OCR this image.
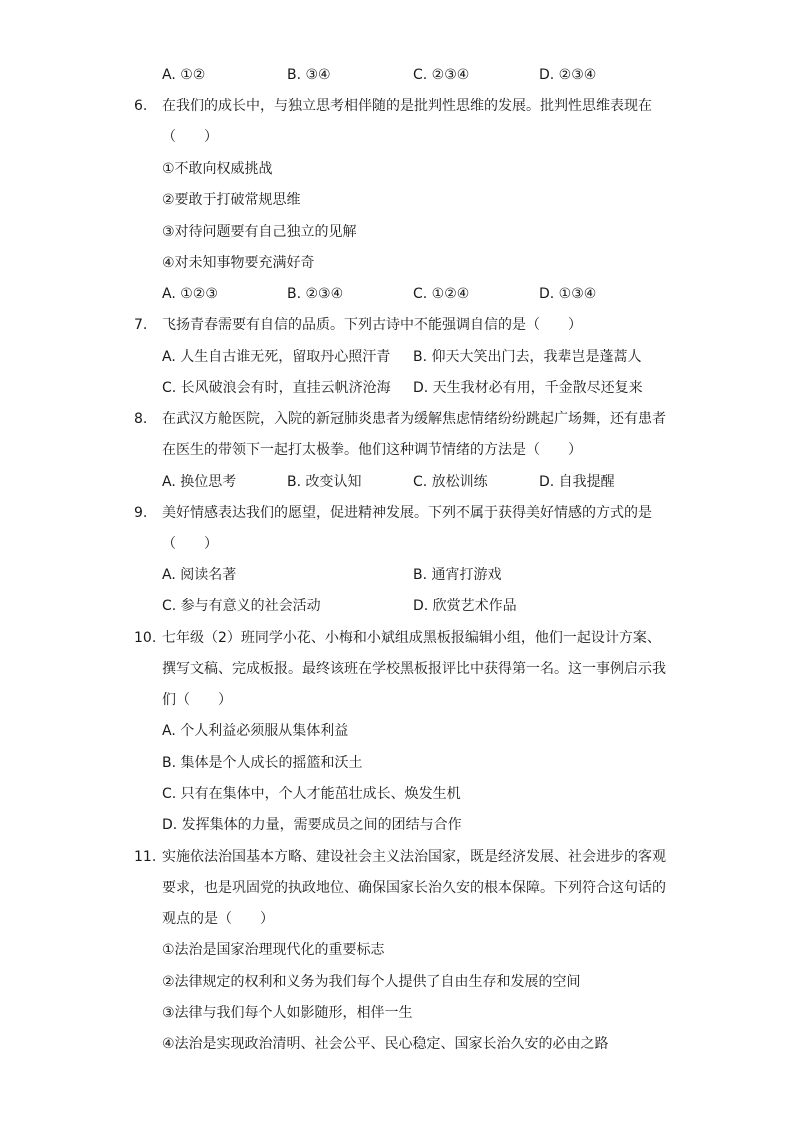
A. ①②	B. ③④	C. ②③④	D. ②③④
6. 在我们的成长中，与独立思考相伴随的是批判性思维的发展。批判性思维表现在
（　　）
①不敢向权威挑战
②要敢于打破常规思维
③对待问题要有自己独立的见解
④对未知事物要充满好奇
A. ①②③	B. ②③④	C. ①②④	D. ①③④
7. 飞扬青春需要有自信的品质。下列古诗中不能强调自信的是（　　）
A. 人生自古谁无死，留取丹心照汗青 B. 仰天大笑出门去，我辈岂是蓬蒿人
C. 长风破浪会有时，直挂云帆济沧海 D. 天生我材必有用，千金散尽还复来
8. 在武汉方舱医院，入院的新冠肺炎患者为缓解焦虑情绪纷纷跳起广场舞，还有患者
在医生的带领下一起打太极拳。他们这种调节情绪的方法是（　　）
A. 换位思考	B. 改变认知	C. 放松训练	D. 自我提醒
9. 美好情感表达我们的愿望，促进精神发展。下列不属于获得美好情感的方式的是
（　　）
A. 阅读名著	B. 通宵打游戏
C. 参与有意义的社会活动	D. 欣赏艺术作品
10. 七年级（2）班同学小花、小梅和小斌组成黑板报编辑小组，他们一起设计方案、
撰写文稿、完成板报。最终该班在学校黑板报评比中获得第一名。这一事例启示我
们（　　）
A. 个人利益必须服从集体利益
B. 集体是个人成长的摇篮和沃土
C. 只有在集体中，个人才能茁壮成长、焕发生机
D. 发挥集体的力量，需要成员之间的团结与合作
11. 实施依法治国基本方略、建设社会主义法治国家，既是经济发展、社会进步的客观
要求，也是巩固党的执政地位、确保国家长治久安的根本保障。下列符合这句话的
观点的是（　　）
①法治是国家治理现代化的重要标志
②法律规定的权利和义务为我们每个人提供了自由生存和发展的空间
③法律与我们每个人如影随形，相伴一生
④法治是实现政治清明、社会公平、民心稳定、国家长治久安的必由之路
